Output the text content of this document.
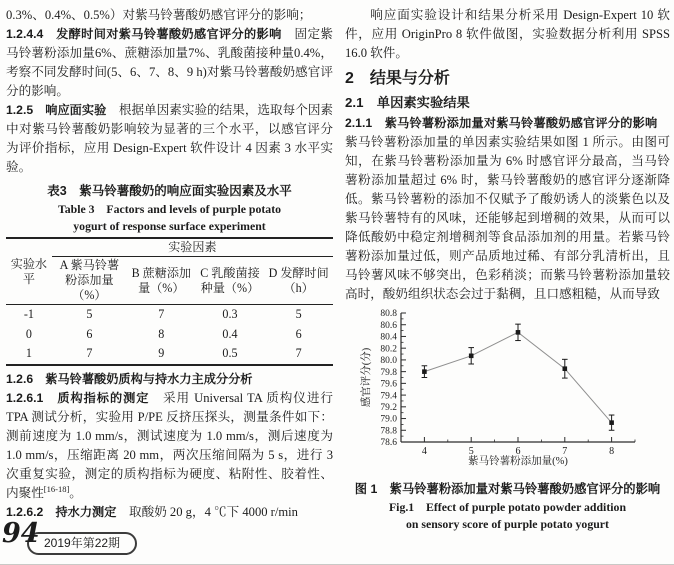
0.3%、0.4%、0.5%）对紫马铃薯酸奶感官评分的影响；

1.2.4.4　发酵时间对紫马铃薯酸奶感官评分的影响　固定紫马铃薯粉添加量6%、蔗糖添加量7%、乳酸菌接种量0.4%，考察不同发酵时间(5、6、7、8、9 h)对紫马铃薯酸奶感官评分的影响。

1.2.5　响应面实验　根据单因素实验的结果，选取每个因素中对紫马铃薯酸奶影响较为显著的三个水平，以感官评分为评价指标，应用 Design-Expert 软件设计 4 因素 3 水平实验。

表3　紫马铃薯酸奶的响应面实验因素及水平
Table 3　Factors and levels of purple potato
yogurt of response surface experiment
实验水平	实验因素			
	A 紫马铃薯粉添加量（%）	B 蔗糖添加量（%）	C 乳酸菌接种量（%）	D 发酵时间（h）
-1	5	7	0.3	5
0	6	8	0.4	6
1	7	9	0.5	7

1.2.6　紫马铃薯酸奶质构与持水力主成分分析

1.2.6.1　质构指标的测定　采用 Universal TA 质构仪进行 TPA 测试分析，实验用 P/PE 反挤压探头，测量条件如下：测前速度为 1.0 mm/s，测试速度为 1.0 mm/s，测后速度为 1.0 mm/s，压缩距离 20 mm，两次压缩间隔为 5 s，进行 3 次重复实验，测定的质构指标为硬度、粘附性、胶着性、内聚性[16-18]。

1.2.6.2　持水力测定　取酸奶 20 g，4 ℃下 4000 r/min

响应面实验设计和结果分析采用 Design-Expert 10 软件，应用 OriginPro 8 软件做图，实验数据分析利用 SPSS 16.0 软件。

2　结果与分析
2.1　单因素实验结果

2.1.1　紫马铃薯粉添加量对紫马铃薯酸奶感官评分的影响　紫马铃薯粉添加量的单因素实验结果如图 1 所示。由图可知，在紫马铃薯粉添加量为 6% 时感官评分最高，当马铃薯粉添加量超过 6% 时，紫马铃薯酸奶的感官评分逐渐降低。紫马铃薯粉的添加不仅赋予了酸奶诱人的淡紫色以及紫马铃薯特有的风味，还能够起到增稠的效果，从而可以降低酸奶中稳定剂增稠剂等食品添加剂的用量。若紫马铃薯粉添加量过低，则产品质地过稀、有部分乳清析出，且马铃薯风味不够突出，色彩稍淡；而紫马铃薯粉添加量较高时，酸奶组织状态会过于黏稠，且口感粗糙，从而导致

78.6
78.8
79.0
79.2
79.4
79.6
79.8
80.0
80.2
80.4
80.6
80.8
4	5	6	7	8
紫马铃薯粉添加量(%)
感官评分(分)

图 1　紫马铃薯粉添加量对紫马铃薯酸奶感官评分的影响

Fig.1　Effect of purple potato powder addition

on sensory score of purple potato yogurt

94 2019年第22期
